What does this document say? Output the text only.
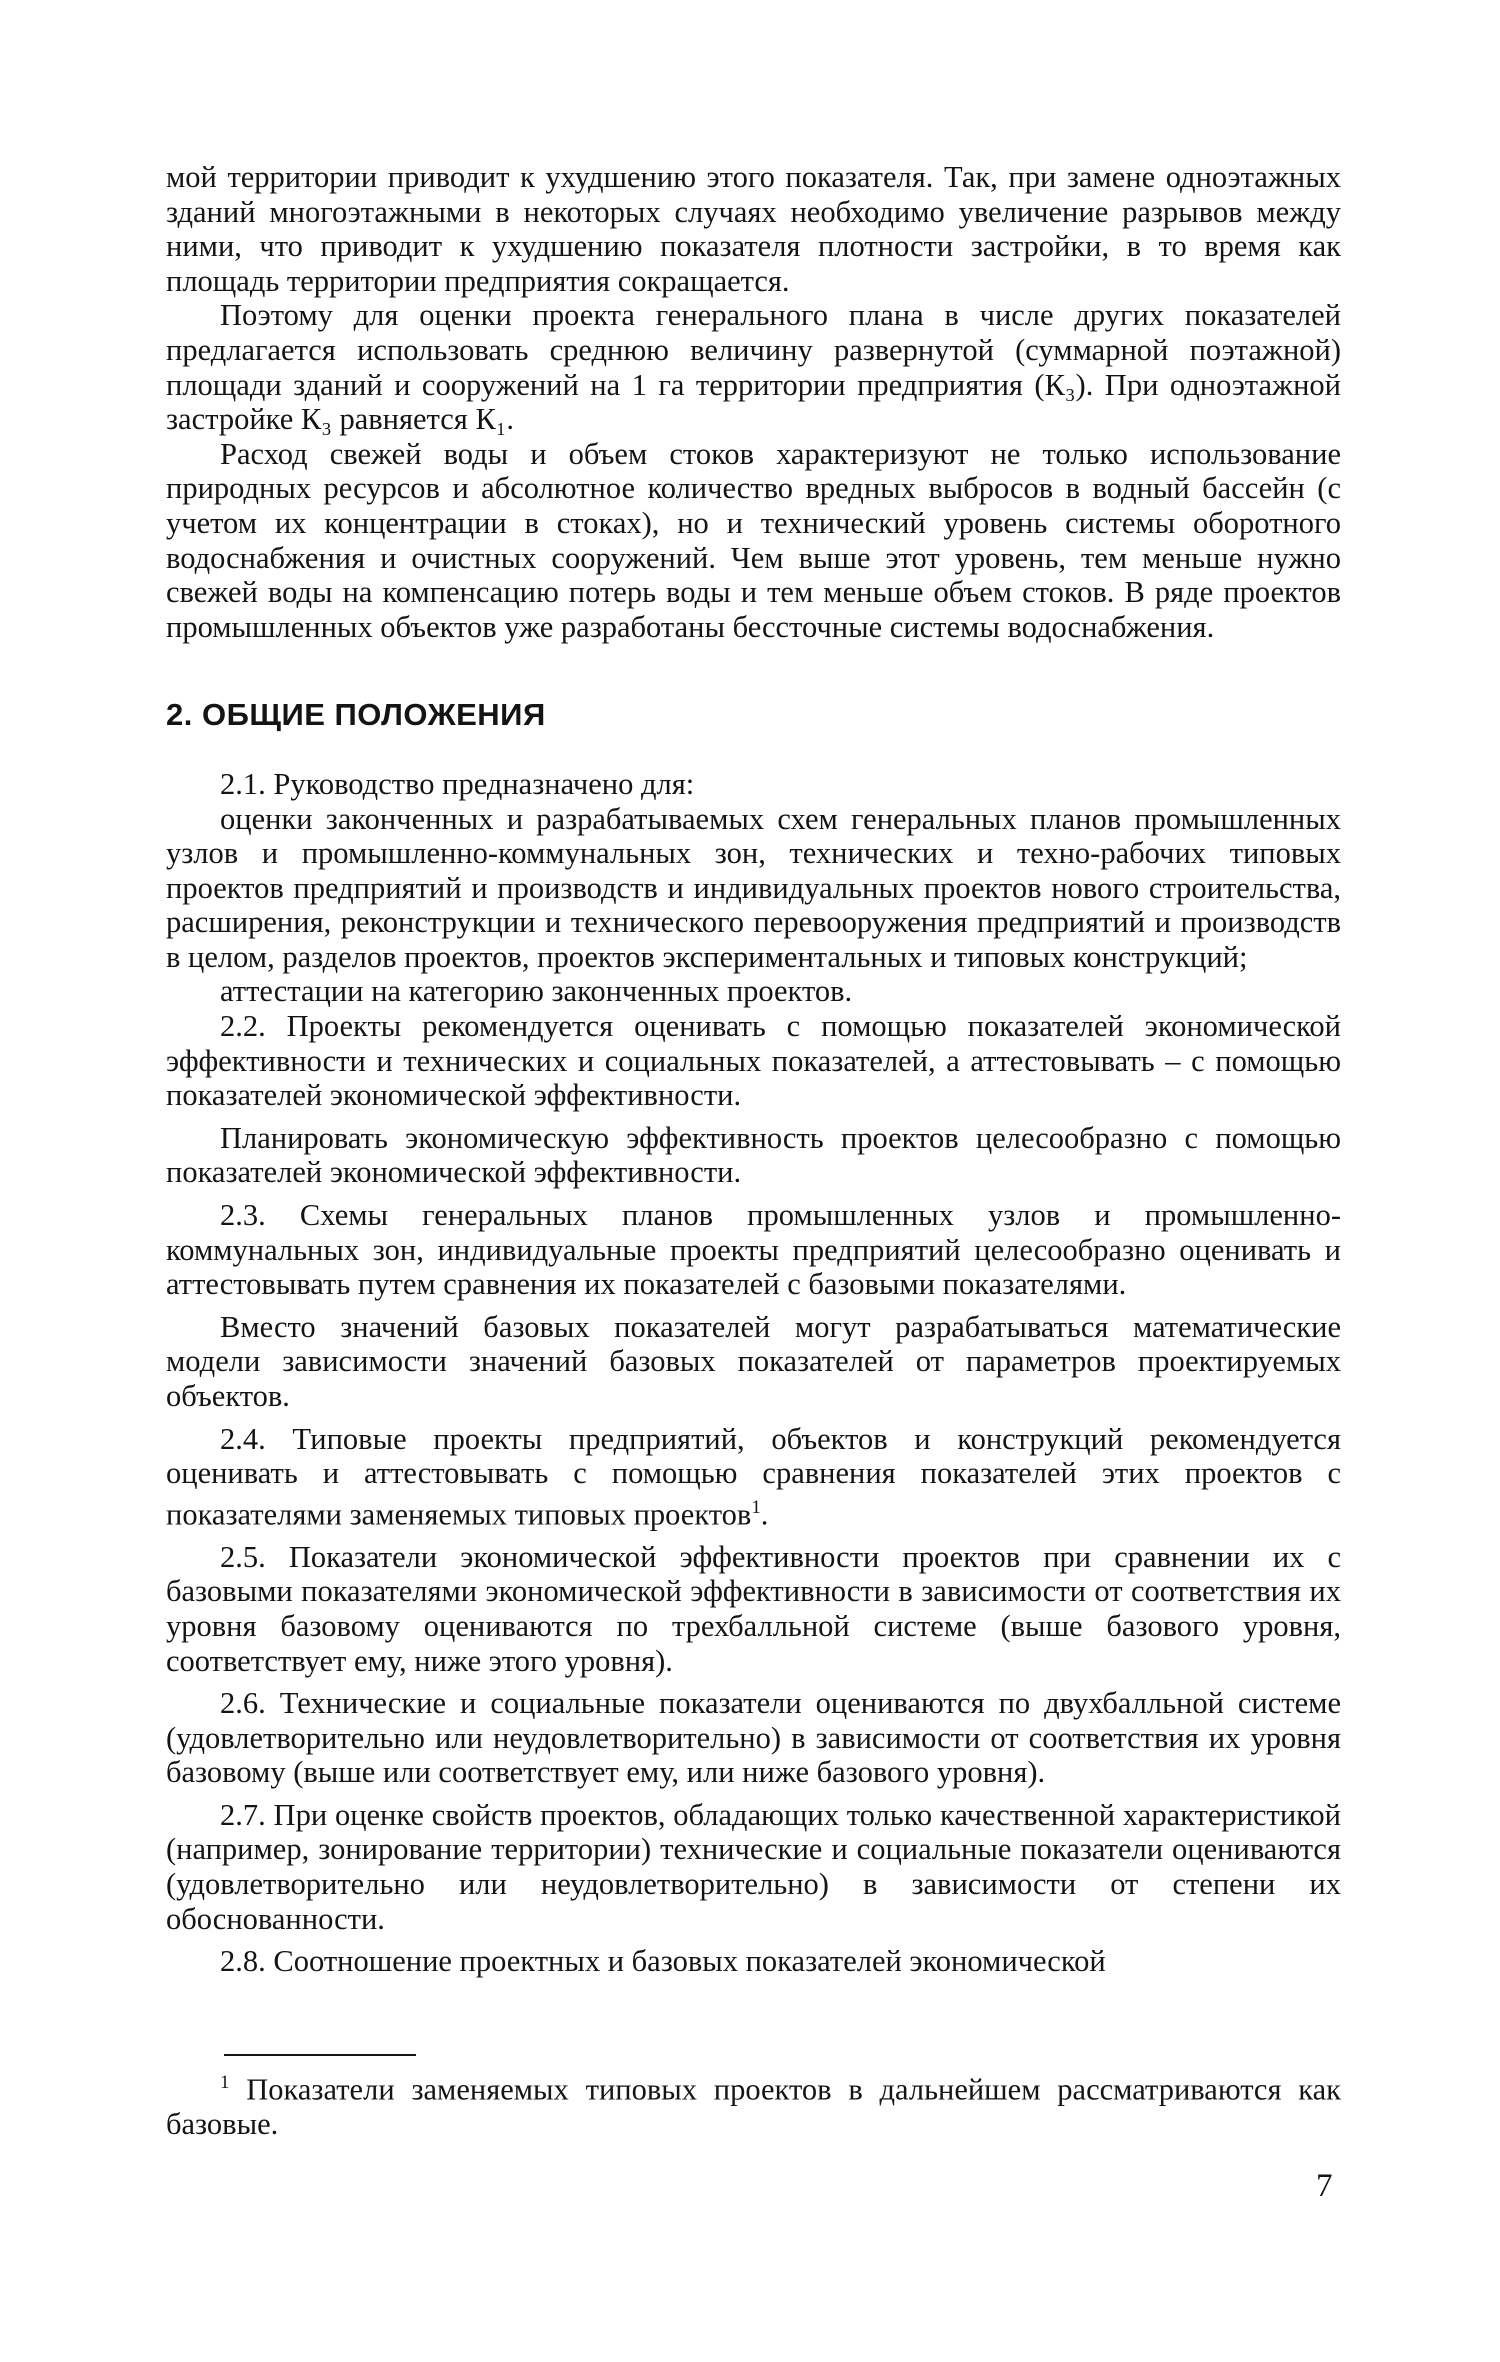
мой территории приводит к ухудшению этого показателя. Так, при замене одноэтажных зданий многоэтажными в некоторых случаях необходимо увеличение разрывов между ними, что приводит к ухудшению показателя плотности застройки, в то время как площадь территории предприятия сокращается.

Поэтому для оценки проекта генерального плана в числе других показателей предлагается использовать среднюю величину развернутой (суммарной поэтажной) площади зданий и сооружений на 1 га территории предприятия (К₃). При одноэтажной застройке К₃ равняется К₁.

Расход свежей воды и объем стоков характеризуют не только использование природных ресурсов и абсолютное количество вредных выбросов в водный бассейн (с учетом их концентрации в стоках), но и технический уровень системы оборотного водоснабжения и очистных сооружений. Чем выше этот уровень, тем меньше нужно свежей воды на компенсацию потерь воды и тем меньше объем стоков. В ряде проектов промышленных объектов уже разработаны бессточные системы водоснабжения.

2. ОБЩИЕ ПОЛОЖЕНИЯ

2.1. Руководство предназначено для:

оценки законченных и разрабатываемых схем генеральных планов промышленных узлов и промышленно-коммунальных зон, технических и техно-рабочих типовых проектов предприятий и производств и индивидуальных проектов нового строительства, расширения, реконструкции и технического перевооружения предприятий и производств в целом, разделов проектов, проектов экспериментальных и типовых конструкций;

аттестации на категорию законченных проектов.

2.2. Проекты рекомендуется оценивать с помощью показателей экономической эффективности и технических и социальных показателей, а аттестовывать – с помощью показателей экономической эффективности.

Планировать экономическую эффективность проектов целесообразно с помощью показателей экономической эффективности.

2.3. Схемы генеральных планов промышленных узлов и промышленно-коммунальных зон, индивидуальные проекты предприятий целесообразно оценивать и аттестовывать путем сравнения их показателей с базовыми показателями.

Вместо значений базовых показателей могут разрабатываться математические модели зависимости значений базовых показателей от параметров проектируемых объектов.

2.4. Типовые проекты предприятий, объектов и конструкций рекомендуется оценивать и аттестовывать с помощью сравнения показателей этих проектов с показателями заменяемых типовых проектов$^1$.

2.5. Показатели экономической эффективности проектов при сравнении их с базовыми показателями экономической эффективности в зависимости от соответствия их уровня базовому оцениваются по трехбалльной системе (выше базового уровня, соответствует ему, ниже этого уровня).

2.6. Технические и социальные показатели оцениваются по двухбалльной системе (удовлетворительно или неудовлетворительно) в зависимости от соответствия их уровня базовому (выше или соответствует ему, или ниже базового уровня).

2.7. При оценке свойств проектов, обладающих только качественной характеристикой (например, зонирование территории) технические и социальные показатели оцениваются (удовлетворительно или неудовлетворительно) в зависимости от степени их обоснованности.

2.8. Соотношение проектных и базовых показателей экономической

$^1$ Показатели заменяемых типовых проектов в дальнейшем рассматриваются как базовые.

7
